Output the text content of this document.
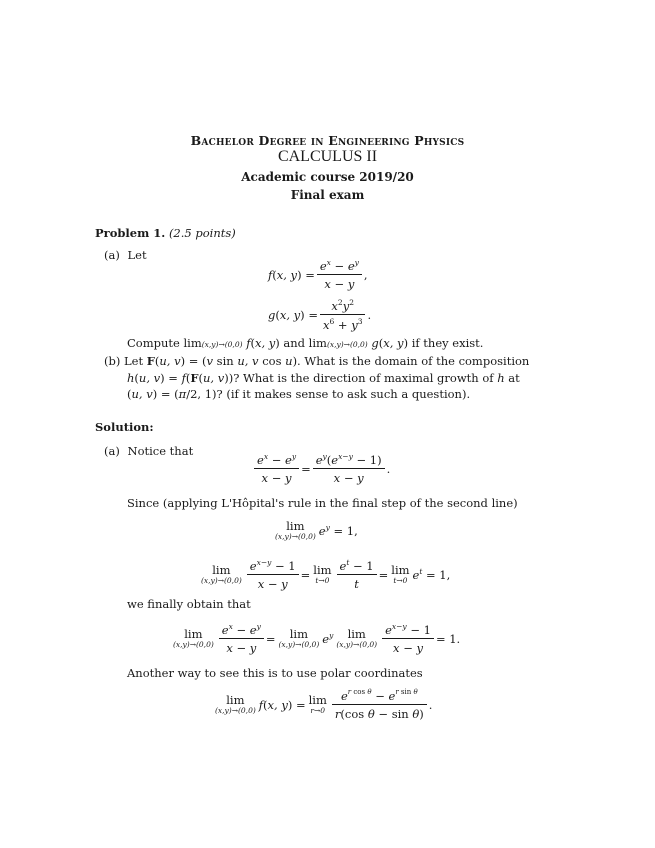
Bachelor Degree in Engineering Physics
CALCULUS II
Academic course 2019/20
Final exam
Problem 1. (2.5 points)
(a) Let
f(x, $y) = \frac{e^x - e^y}{x - y}$ ,
g(x, $y) = \frac{x^2y^2}{x^6 + y^3}$ .
Compute lim(x,y)→(0,0) f(x, y) and lim(x,y)→(0,0) g(x, y) if they exist.
(b) Let F(u, v) = (v sin u, v cos u). What is the domain of the composition
h(u, v) = f(F(u, v))? What is the direction of maximal growth of h at
(u, v) = (π/2, 1)? (if it makes sense to ask such a question).
Solution:
(a) Notice that
$\frac{e^x - e^y}{x - y} = \frac{e^y(e^{x-y} - 1)}{x - y}$ .
Since (applying L'Hôpital's rule in the final step of the second line)
lim
(x,y)→(0,0) $e^y = 1$,
lim
$(x,y)\to(0,0) \frac{e^{x-y} - 1}{x - y} = \lim$
$t\to 0 \frac{e^t - 1}{t} = \lim$
t→0 $e^t = 1$,
we finally obtain that
lim
$(x,y)\to(0,0) \frac{e^x - e^y}{x - y}$ =	lim
(x,y)→(0,0) $e^y$	lim
$(x,y)\to(0,0) \frac{e^{x-y} - 1}{x - y} = 1$.
Another way to see this is to use polar coordinates
lim
(x,y)→(0,0) f(x, y) = lim
$r\to 0 \frac{e^r ^{cos} ^\theta - e^r ^{sin} ^\theta}{\text{r(cos θ − sin θ)}}$ .
